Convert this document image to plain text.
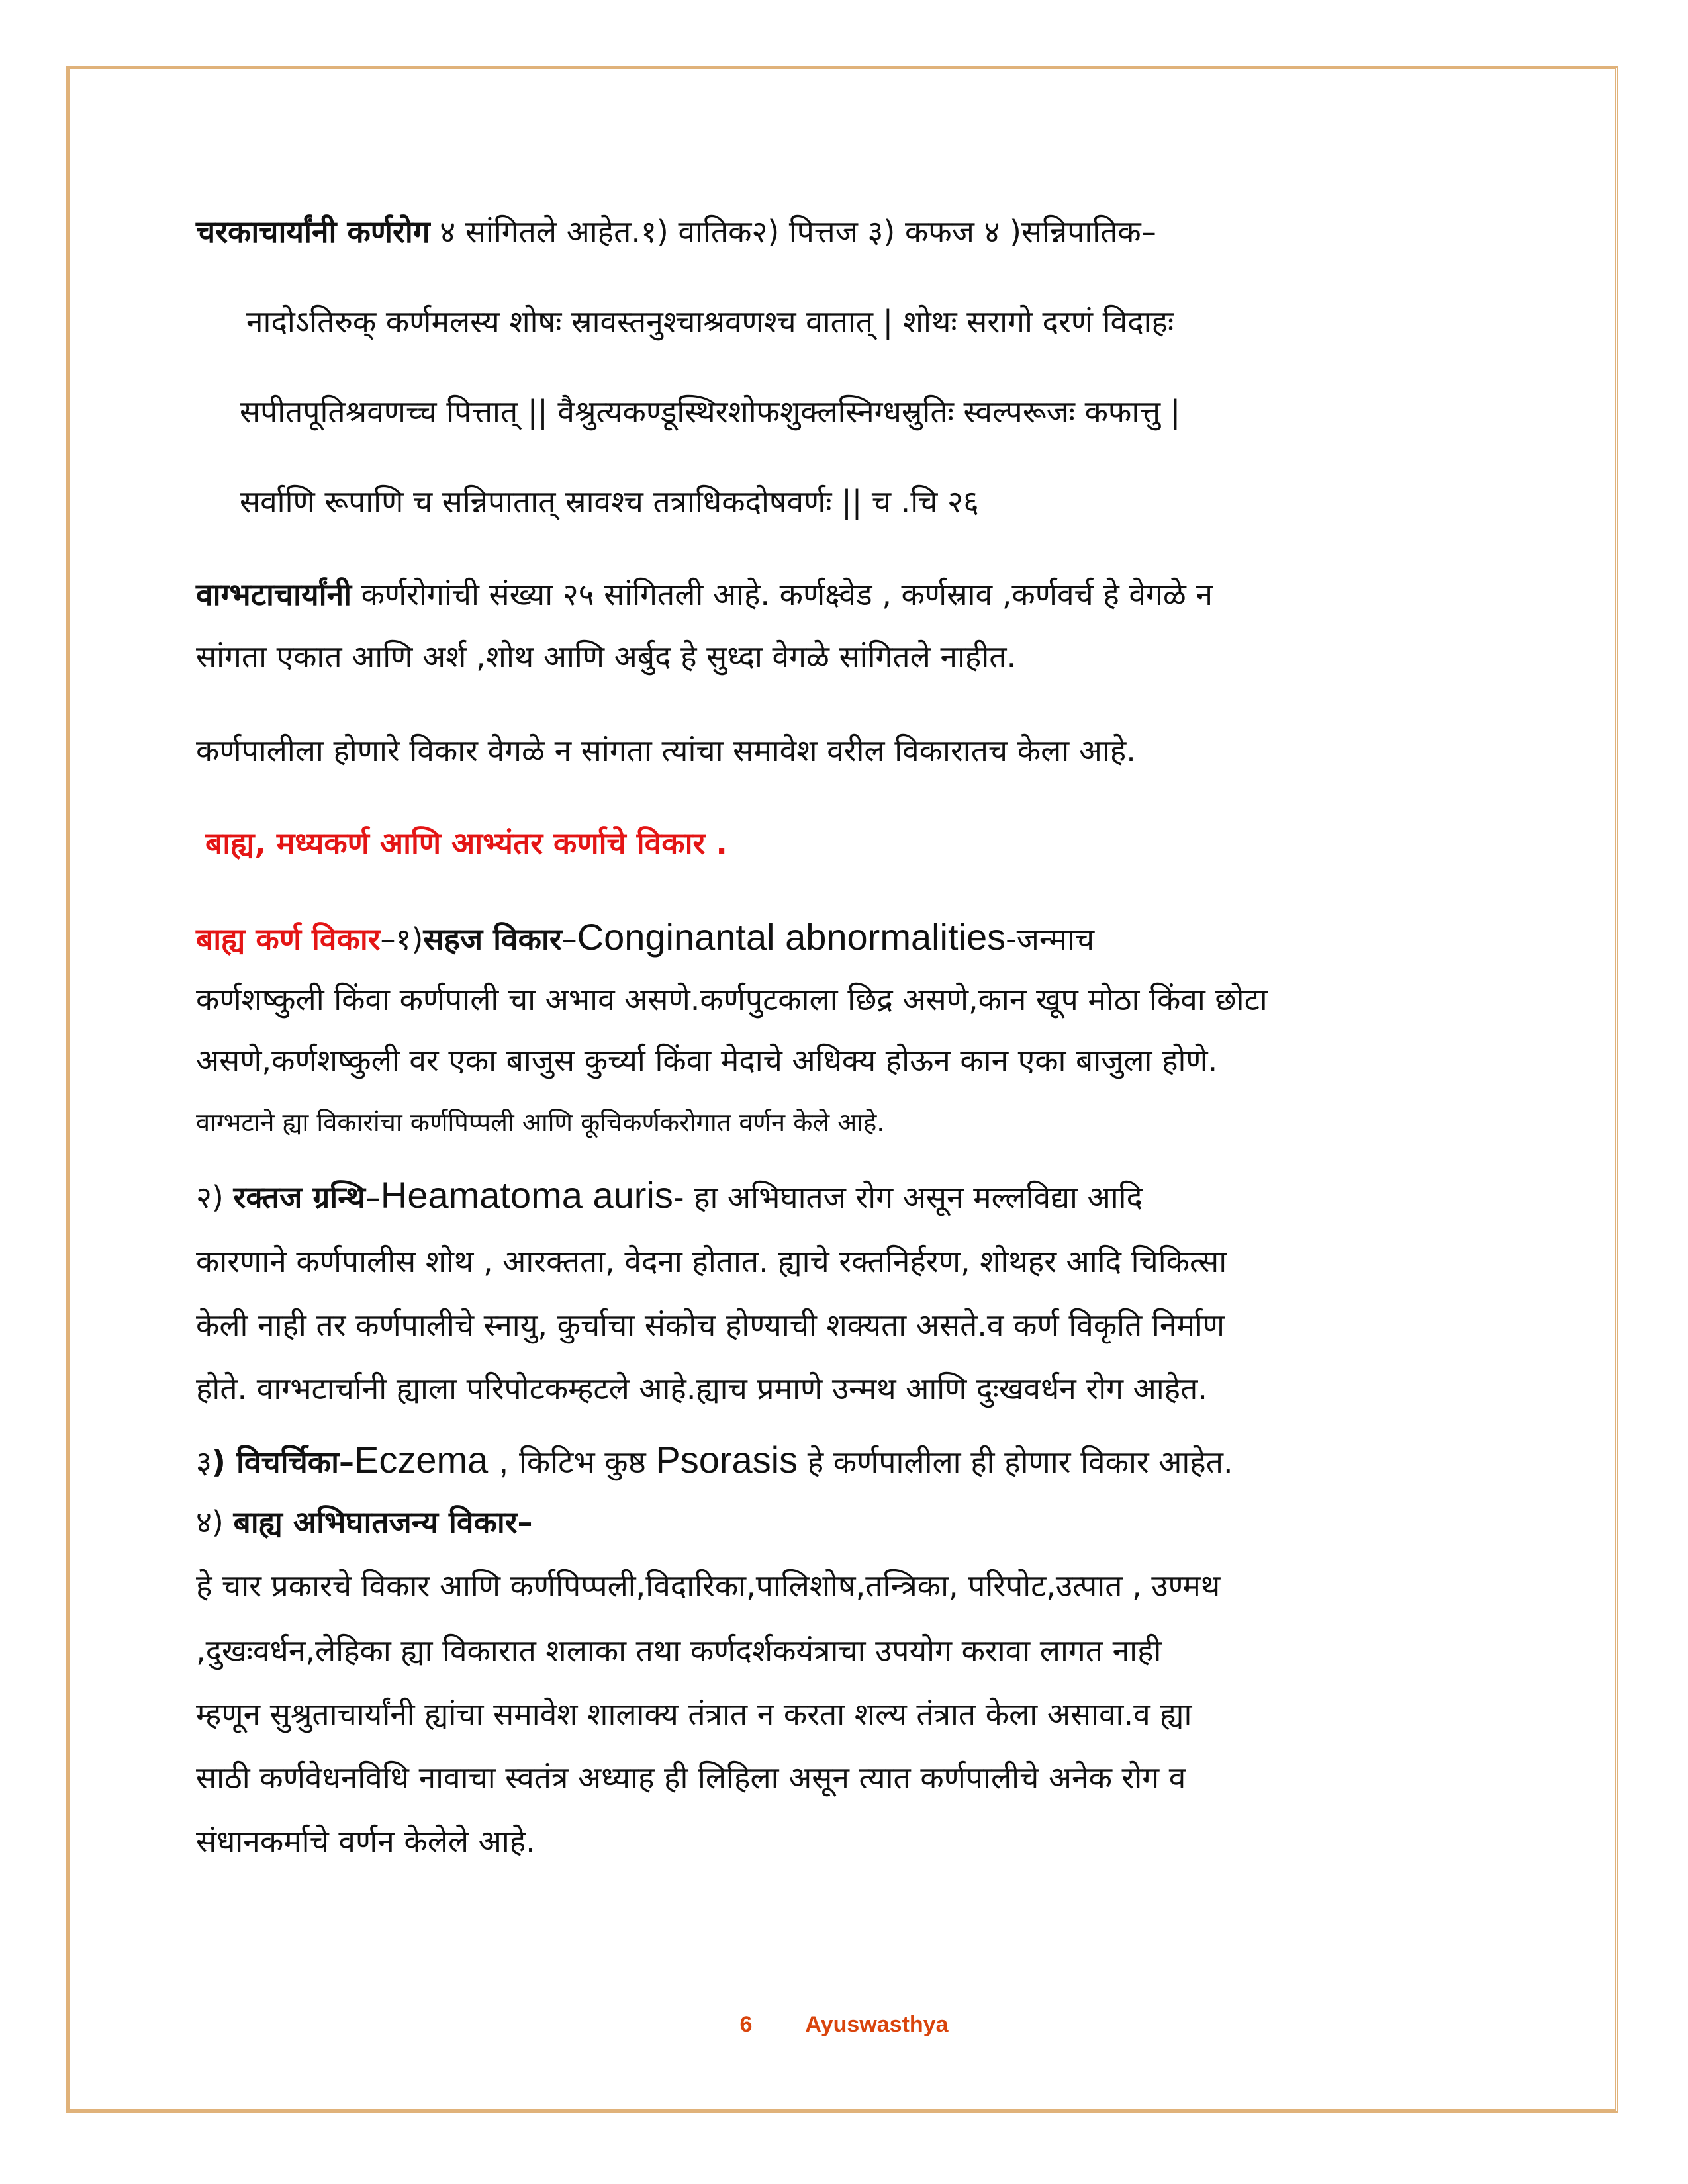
चरकाचार्यांनी कर्णरोग ४ सांगितले आहेत.१) वातिक२) पित्तज ३) कफज ४ )सन्निपातिक–
नादोऽतिरुक् कर्णमलस्य शोषः स्रावस्तनुश्चाश्रवणश्च वातात् | शोथः सरागो दरणं विदाहः
सपीतपूतिश्रवणच्च पित्तात् || वैश्रुत्यकण्डूस्थिरशोफशुक्लस्निग्धस्रुतिः स्वल्परूजः कफात्तु |
सर्वाणि रूपाणि च सन्निपातात् स्रावश्च तत्राधिकदोषवर्णः || च .चि २६
वाग्भटाचार्यांनी कर्णरोगांची संख्या २५ सांगितली आहे. कर्णक्ष्वेड , कर्णस्राव ,कर्णवर्च हे वेगळे न
सांगता एकात आणि अर्श ,शोथ आणि अर्बुद हे सुध्दा वेगळे सांगितले नाहीत.
कर्णपालीला होणारे विकार वेगळे न सांगता त्यांचा समावेश वरील विकारातच केला आहे.
बाह्य, मध्यकर्ण आणि आभ्यंतर कर्णाचे विकार .
बाह्य कर्ण विकार–१)सहज विकार–Conginantal abnormalities-जन्माच
कर्णशष्कुली किंवा कर्णपाली चा अभाव असणे.कर्णपुटकाला छिद्र असणे,कान खूप मोठा किंवा छोटा
असणे,कर्णशष्कुली वर एका बाजुस कुर्च्या किंवा मेदाचे अधिक्य होऊन कान एका बाजुला होणे.
वाग्भटाने ह्या विकारांचा कर्णपिप्पली आणि कूचिकर्णकरोगात वर्णन केले आहे.
२) रक्तज ग्रन्थि–Heamatoma auris- हा अभिघातज रोग असून मल्लविद्या आदि
कारणाने कर्णपालीस शोथ , आरक्तता, वेदना होतात. ह्याचे रक्तनिर्हरण, शोथहर आदि चिकित्सा
केली नाही तर कर्णपालीचे स्नायु, कुर्चाचा संकोच होण्याची शक्यता असते.व कर्ण विकृति निर्माण
होते. वाग्भटार्चानी ह्याला परिपोटकम्हटले आहे.ह्याच प्रमाणे उन्मथ आणि दुःखवर्धन रोग आहेत.
३) विचर्चिका–Eczema , किटिभ कुष्ठ Psorasis हे कर्णपालीला ही होणार विकार आहेत.
४) बाह्य अभिघातजन्य विकार–
हे चार प्रकारचे विकार आणि कर्णपिप्पली,विदारिका,पालिशोष,तन्त्रिका, परिपोट,उत्पात , उण्मथ
,दुखःवर्धन,लेहिका ह्या विकारात शलाका तथा कर्णदर्शकयंत्राचा उपयोग करावा लागत नाही
म्हणून सुश्रुताचार्यांनी ह्यांचा समावेश शालाक्य तंत्रात न करता शल्य तंत्रात केला असावा.व ह्या
साठी कर्णवेधनविधि नावाचा स्वतंत्र अध्याह ही लिहिला असून त्यात कर्णपालीचे अनेक रोग व
संधानकर्माचे वर्णन केलेले आहे.
6 Ayuswasthya
